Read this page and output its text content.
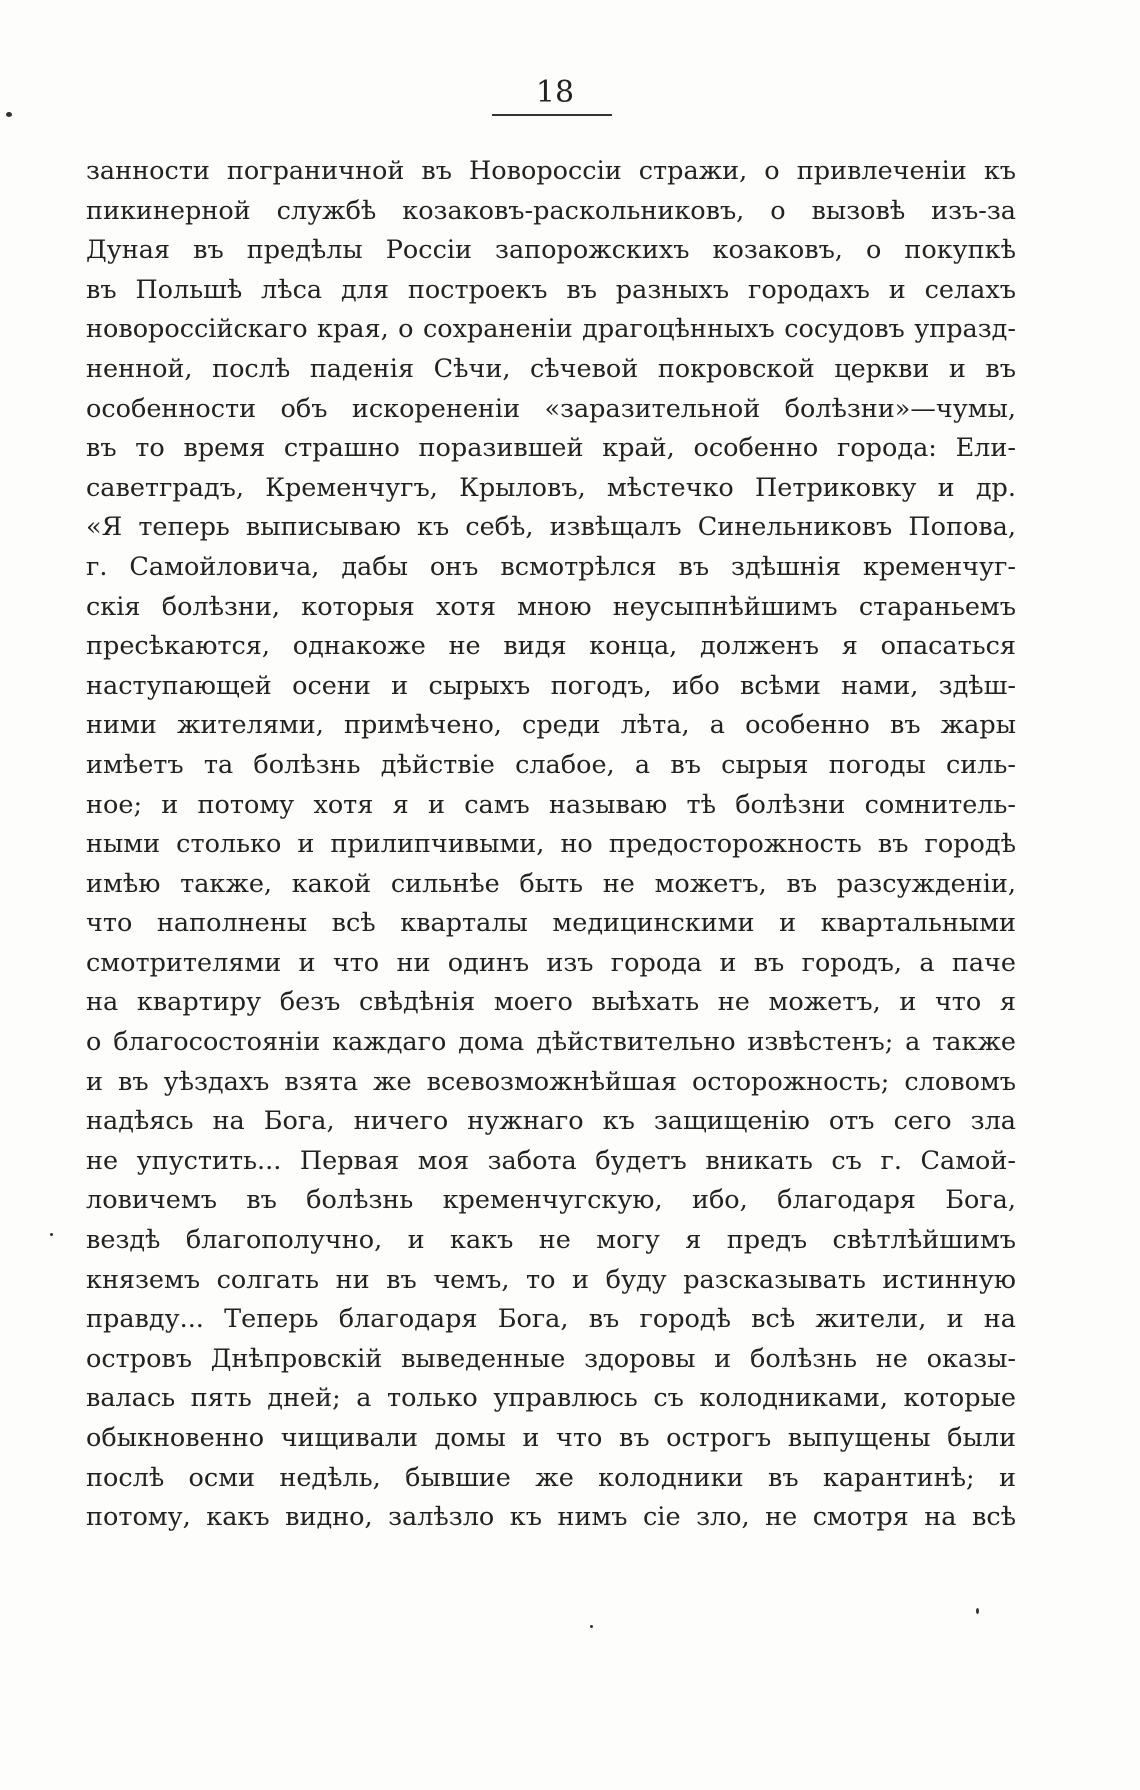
18
занности пограничной въ Новороссіи стражи, о привлеченіи къ
пикинерной службѣ козаковъ-раскольниковъ, о вызовѣ изъ-за
Дуная въ предѣлы Россіи запорожскихъ козаковъ, о покупкѣ
въ Польшѣ лѣса для построекъ въ разныхъ городахъ и селахъ
новороссійскаго края, о сохраненіи драгоцѣнныхъ сосудовъ упразд-
ненной, послѣ паденія Сѣчи, сѣчевой покровской церкви и въ
особенности объ искорененіи «заразительной болѣзни»—чумы,
въ то время страшно поразившей край, особенно города: Ели-
саветградъ, Кременчугъ, Крыловъ, мѣстечко Петриковку и др.
«Я теперь выписываю къ себѣ, извѣщалъ Синельниковъ Попова,
г. Самойловича, дабы онъ всмотрѣлся въ здѣшнія кременчуг-
скія болѣзни, которыя хотя мною неусыпнѣйшимъ стараньемъ
пресѣкаются, однакоже не видя конца, долженъ я опасаться
наступающей осени и сырыхъ погодъ, ибо всѣми нами, здѣш-
ними жителями, примѣчено, среди лѣта, а особенно въ жары
имѣетъ та болѣзнь дѣйствіе слабое, а въ сырыя погоды силь-
ное; и потому хотя я и самъ называю тѣ болѣзни сомнитель-
ными столько и прилипчивыми, но предосторожность въ городѣ
имѣю также, какой сильнѣе быть не можетъ, въ разсужденіи,
что наполнены всѣ кварталы медицинскими и квартальными
смотрителями и что ни одинъ изъ города и въ городъ, а паче
на квартиру безъ свѣдѣнія моего выѣхать не можетъ, и что я
о благосостояніи каждаго дома дѣйствительно извѣстенъ; а также
и въ уѣздахъ взята же всевозможнѣйшая осторожность; словомъ
надѣясь на Бога, ничего нужнаго къ защищенію отъ сего зла
не упустить... Первая моя забота будетъ вникать съ г. Самой-
ловичемъ въ болѣзнь кременчугскую, ибо, благодаря Бога,
вездѣ благополучно, и какъ не могу я предъ свѣтлѣйшимъ
княземъ солгать ни въ чемъ, то и буду разсказывать истинную
правду... Теперь благодаря Бога, въ городѣ всѣ жители, и на
островъ Днѣпровскій выведенные здоровы и болѣзнь не оказы-
валась пять дней; а только управлюсь съ колодниками, которые
обыкновенно чищивали домы и что въ острогъ выпущены были
послѣ осми недѣль, бывшие же колодники въ карантинѣ; и
потому, какъ видно, залѣзло къ нимъ сіе зло, не смотря на всѣ
